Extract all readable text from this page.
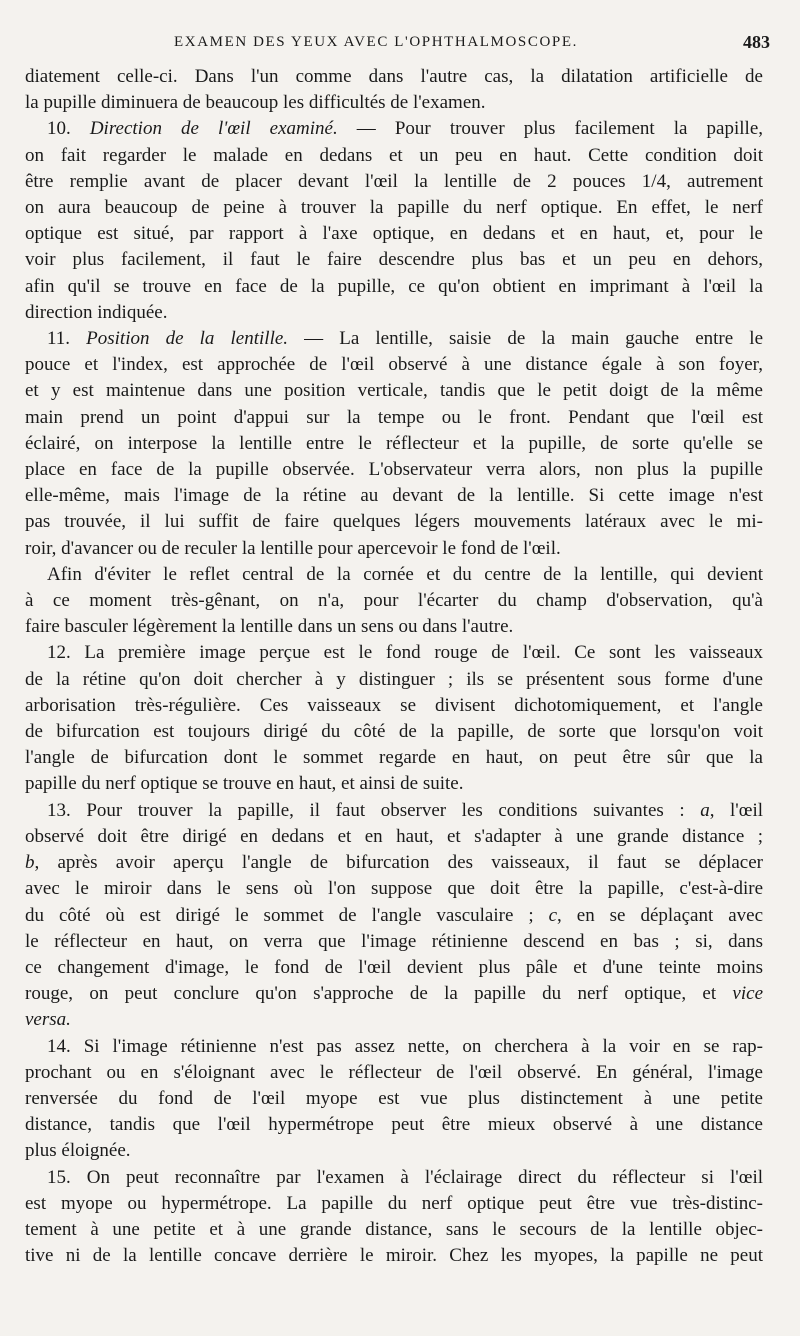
EXAMEN DES YEUX AVEC L'OPHTHALMOSCOPE.	483
diatement celle-ci. Dans l'un comme dans l'autre cas, la dilatation artificielle de
la pupille diminuera de beaucoup les difficultés de l'examen.
10. Direction de l'œil examiné. — Pour trouver plus facilement la papille,
on fait regarder le malade en dedans et un peu en haut. Cette condition doit
être remplie avant de placer devant l'œil la lentille de 2 pouces 1/4, autrement
on aura beaucoup de peine à trouver la papille du nerf optique. En effet, le nerf
optique est situé, par rapport à l'axe optique, en dedans et en haut, et, pour le
voir plus facilement, il faut le faire descendre plus bas et un peu en dehors,
afin qu'il se trouve en face de la pupille, ce qu'on obtient en imprimant à l'œil la
direction indiquée.
11. Position de la lentille. — La lentille, saisie de la main gauche entre le
pouce et l'index, est approchée de l'œil observé à une distance égale à son foyer,
et y est maintenue dans une position verticale, tandis que le petit doigt de la même
main prend un point d'appui sur la tempe ou le front. Pendant que l'œil est
éclairé, on interpose la lentille entre le réflecteur et la pupille, de sorte qu'elle se
place en face de la pupille observée. L'observateur verra alors, non plus la pupille
elle-même, mais l'image de la rétine au devant de la lentille. Si cette image n'est
pas trouvée, il lui suffit de faire quelques légers mouvements latéraux avec le mi-
roir, d'avancer ou de reculer la lentille pour apercevoir le fond de l'œil.
Afin d'éviter le reflet central de la cornée et du centre de la lentille, qui devient
à ce moment très-gênant, on n'a, pour l'écarter du champ d'observation, qu'à
faire basculer légèrement la lentille dans un sens ou dans l'autre.
12. La première image perçue est le fond rouge de l'œil. Ce sont les vaisseaux
de la rétine qu'on doit chercher à y distinguer ; ils se présentent sous forme d'une
arborisation très-régulière. Ces vaisseaux se divisent dichotomiquement, et l'angle
de bifurcation est toujours dirigé du côté de la papille, de sorte que lorsqu'on voit
l'angle de bifurcation dont le sommet regarde en haut, on peut être sûr que la
papille du nerf optique se trouve en haut, et ainsi de suite.
13. Pour trouver la papille, il faut observer les conditions suivantes : a, l'œil
observé doit être dirigé en dedans et en haut, et s'adapter à une grande distance ;
b, après avoir aperçu l'angle de bifurcation des vaisseaux, il faut se déplacer
avec le miroir dans le sens où l'on suppose que doit être la papille, c'est-à-dire
du côté où est dirigé le sommet de l'angle vasculaire ; c, en se déplaçant avec
le réflecteur en haut, on verra que l'image rétinienne descend en bas ; si, dans
ce changement d'image, le fond de l'œil devient plus pâle et d'une teinte moins
rouge, on peut conclure qu'on s'approche de la papille du nerf optique, et vice
versa.
14. Si l'image rétinienne n'est pas assez nette, on cherchera à la voir en se rap-
prochant ou en s'éloignant avec le réflecteur de l'œil observé. En général, l'image
renversée du fond de l'œil myope est vue plus distinctement à une petite
distance, tandis que l'œil hypermétrope peut être mieux observé à une distance
plus éloignée.
15. On peut reconnaître par l'examen à l'éclairage direct du réflecteur si l'œil
est myope ou hypermétrope. La papille du nerf optique peut être vue très-distinc-
tement à une petite et à une grande distance, sans le secours de la lentille objec-
tive ni de la lentille concave derrière le miroir. Chez les myopes, la papille ne peut
